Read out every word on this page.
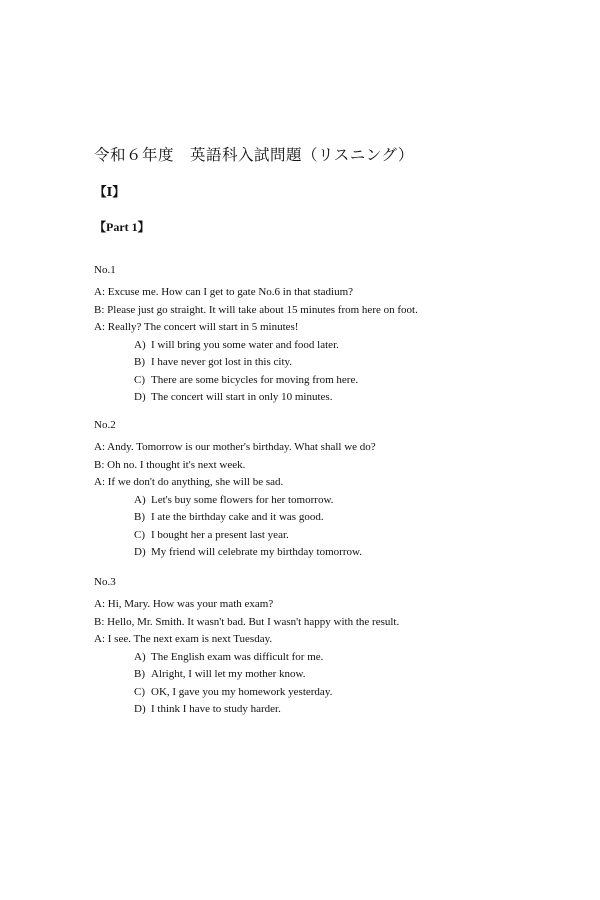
令和６年度　英語科入試問題（リスニング）
【Ⅰ】
【Part 1】
No.1
A: Excuse me. How can I get to gate No.6 in that stadium?
B: Please just go straight. It will take about 15 minutes from here on foot.
A: Really? The concert will start in 5 minutes!
A) I will bring you some water and food later.
B) I have never got lost in this city.
C) There are some bicycles for moving from here.
D) The concert will start in only 10 minutes.
No.2
A: Andy. Tomorrow is our mother's birthday. What shall we do?
B: Oh no. I thought it's next week.
A: If we don't do anything, she will be sad.
A) Let's buy some flowers for her tomorrow.
B) I ate the birthday cake and it was good.
C) I bought her a present last year.
D) My friend will celebrate my birthday tomorrow.
No.3
A: Hi, Mary. How was your math exam?
B: Hello, Mr. Smith. It wasn't bad. But I wasn't happy with the result.
A: I see. The next exam is next Tuesday.
A) The English exam was difficult for me.
B) Alright, I will let my mother know.
C) OK, I gave you my homework yesterday.
D) I think I have to study harder.
